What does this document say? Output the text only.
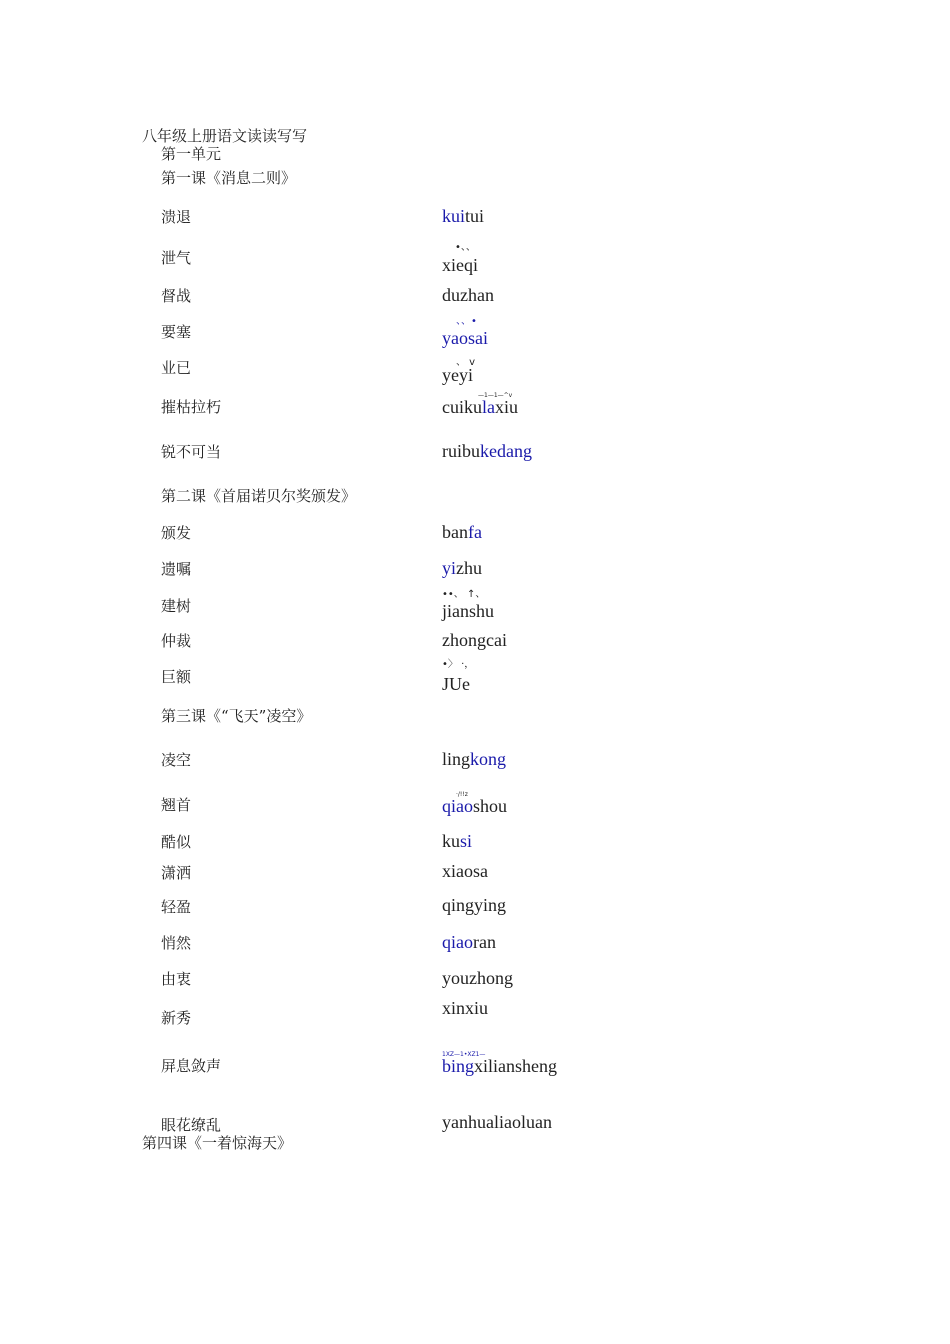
八年级上册语文读读写写
第一单元
第一课《消息二则》
第二课《首届诺贝尔奖颁发》
第三课《“飞天”凌空》
第四课《一着惊海天》
溃退	kuitui
泄气	xieqi
•、、
督战	duzhan
要塞	yaosai
、、•
业已	yeyi
、 v
摧枯拉朽	cuikulaxiu
—1—1—^v
锐不可当	ruibukedang
颁发	banfa
遗嘱	yizhu
建树	jianshu
••、 ↑、
仲裁	zhongcai
巨额	JUe
•〉 ·，
凌空	lingkong
翘首	qiaoshou
·/!!z
酷似	kusi
潇洒	xiaosa
轻盈	qingying
悄然	qiaoran
由衷	youzhong
新秀	xinxiu
屏息敛声	bingxiliansheng
1XZ—1•XZ1—
眼花缭乱	yanhualiaoluan
